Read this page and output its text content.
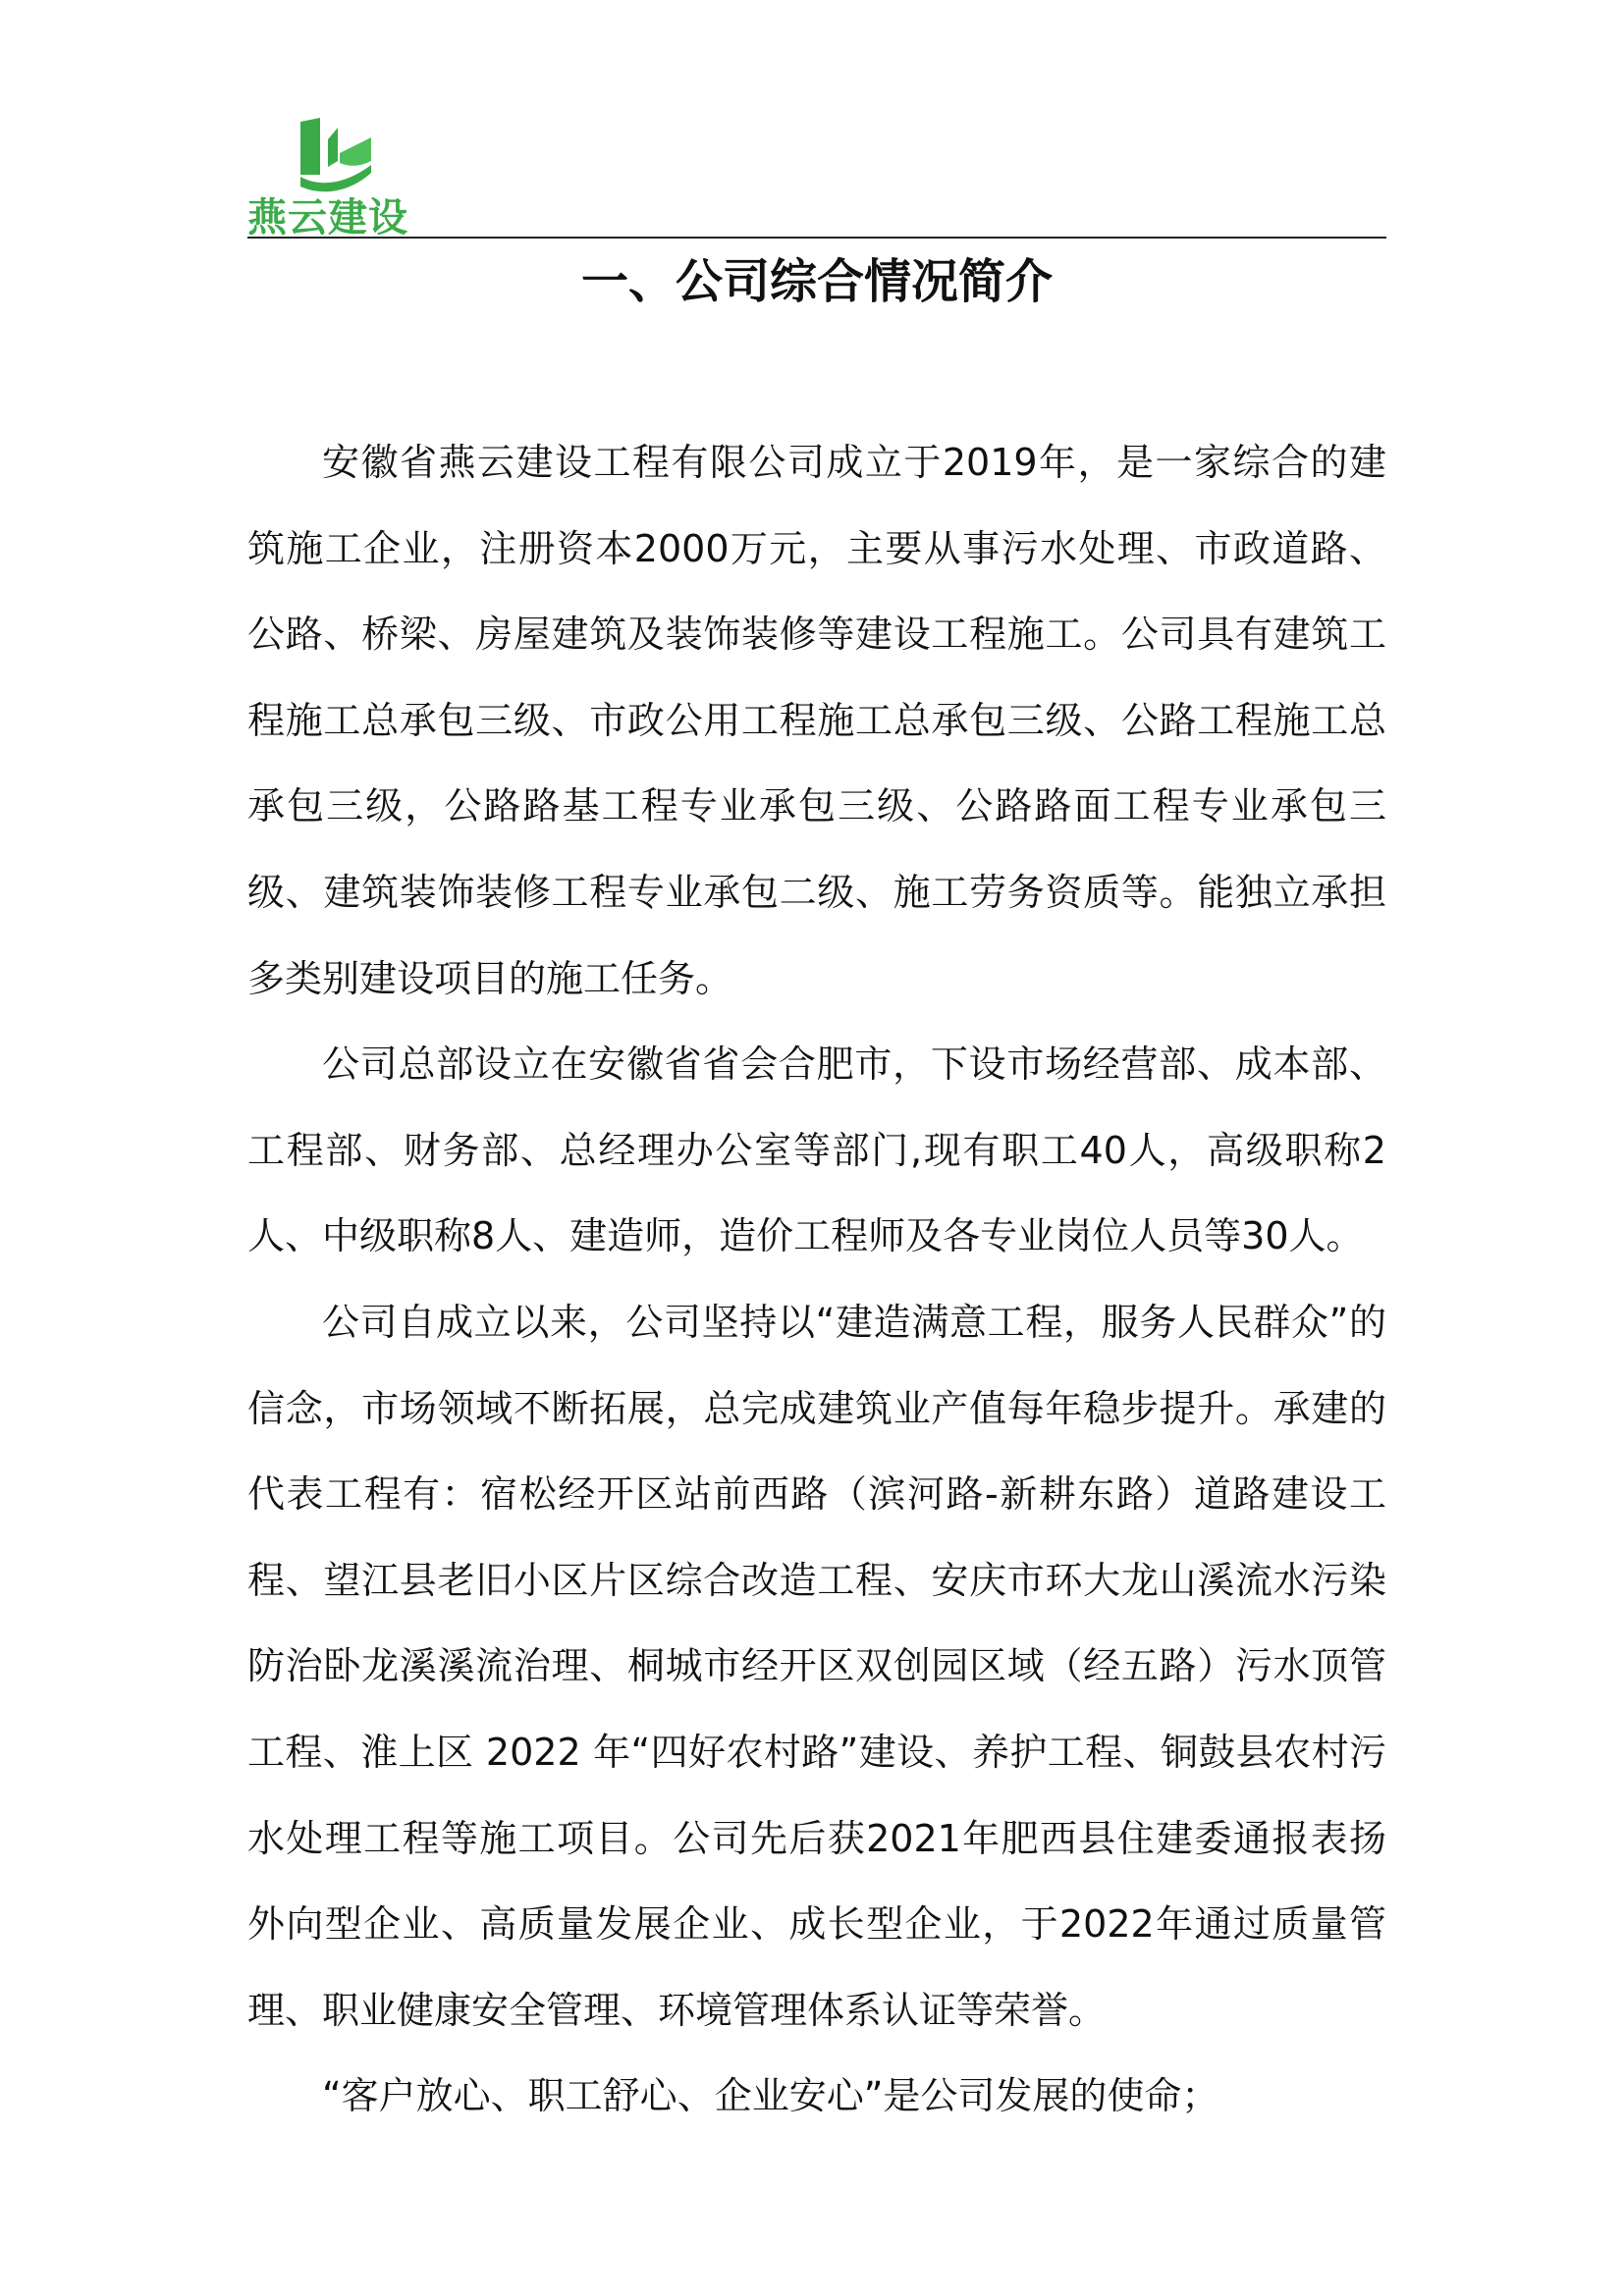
燕云建设
一、公司综合情况简介

安徽省燕云建设工程有限公司成立于2019年，是一家综合的建筑施工企业，注册资本2000万元，主要从事污水处理、市政道路、公路、桥梁、房屋建筑及装饰装修等建设工程施工。公司具有建筑工程施工总承包三级、市政公用工程施工总承包三级、公路工程施工总承包三级，公路路基工程专业承包三级、公路路面工程专业承包三级、建筑装饰装修工程专业承包二级、施工劳务资质等。能独立承担多类别建设项目的施工任务。

公司总部设立在安徽省省会合肥市，下设市场经营部、成本部、工程部、财务部、总经理办公室等部门,现有职工40人，高级职称2人、中级职称8人、建造师，造价工程师及各专业岗位人员等30人。

公司自成立以来，公司坚持以“建造满意工程，服务人民群众”的信念，市场领域不断拓展，总完成建筑业产值每年稳步提升。承建的代表工程有：宿松经开区站前西路（滨河路-新耕东路）道路建设工程、望江县老旧小区片区综合改造工程、安庆市环大龙山溪流水污染防治卧龙溪溪流治理、桐城市经开区双创园区域（经五路）污水顶管工程、淮上区 2022 年“四好农村路”建设、养护工程、铜鼓县农村污水处理工程等施工项目。公司先后获2021年肥西县住建委通报表扬外向型企业、高质量发展企业、成长型企业，于2022年通过质量管理、职业健康安全管理、环境管理体系认证等荣誉。

“客户放心、职工舒心、企业安心”是公司发展的使命；
